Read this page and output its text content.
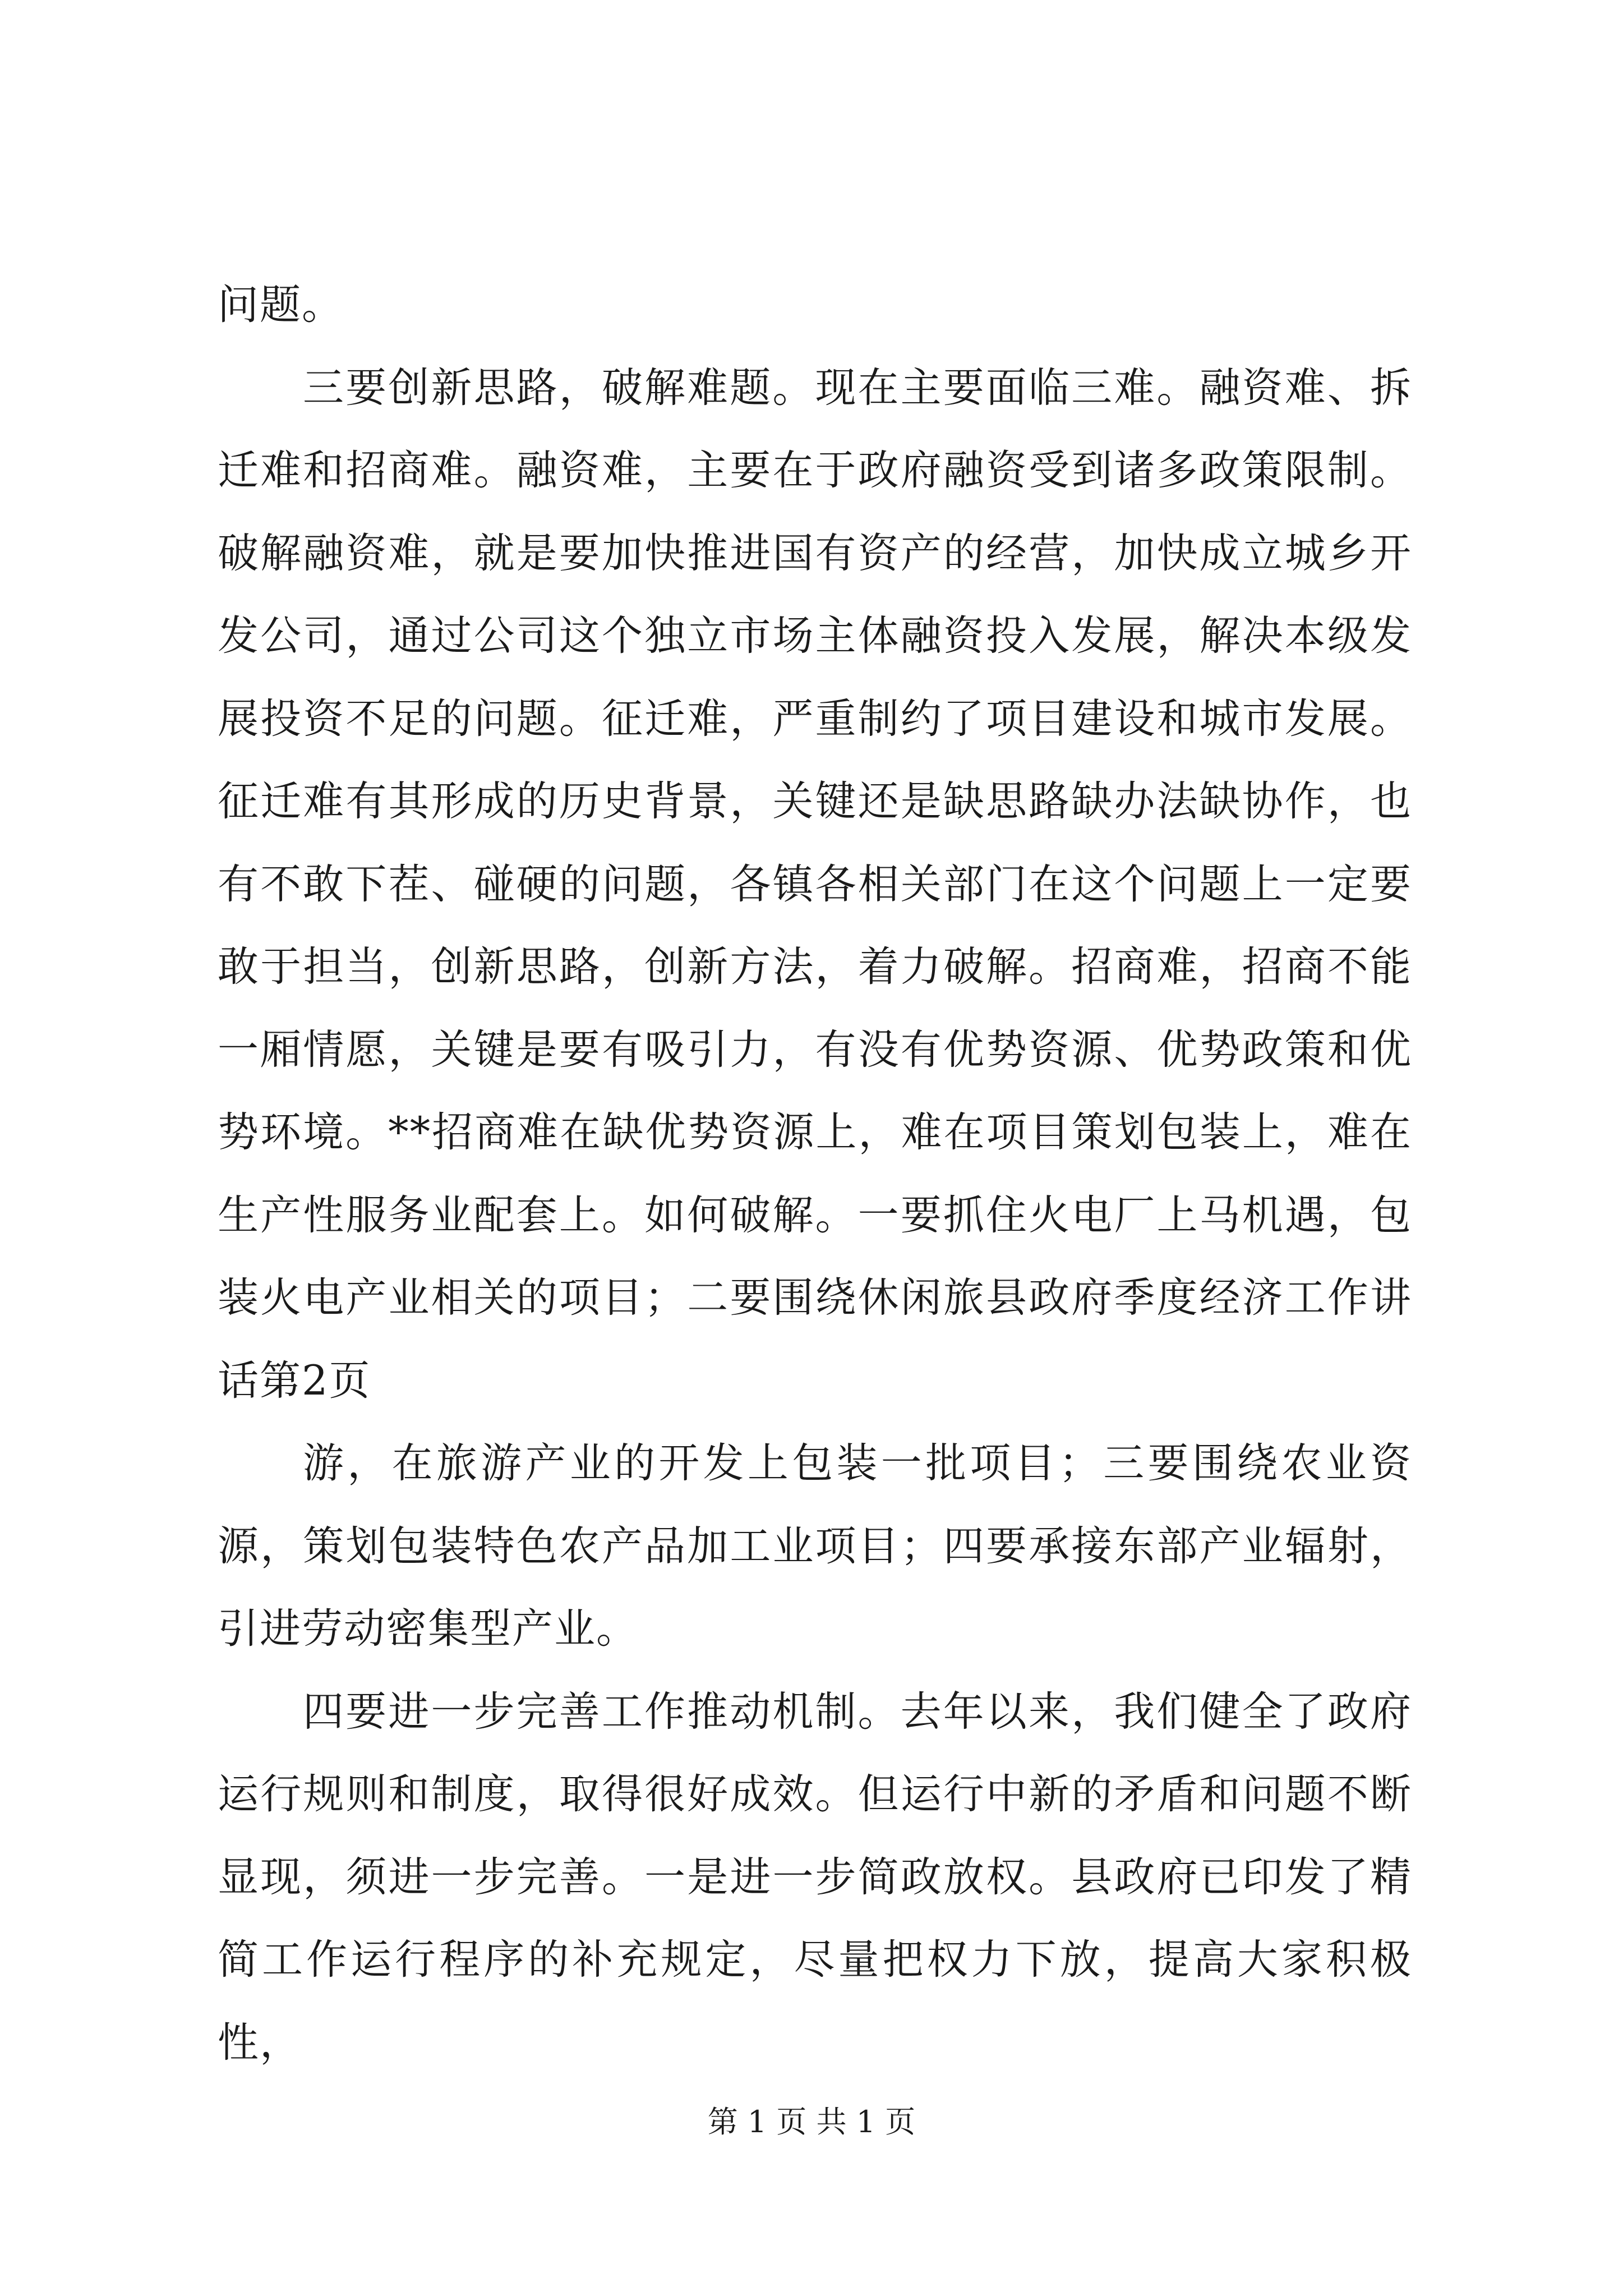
问题。

三要创新思路，破解难题。现在主要面临三难。融资难、拆迁难和招商难。融资难，主要在于政府融资受到诸多政策限制。破解融资难，就是要加快推进国有资产的经营，加快成立城乡开发公司，通过公司这个独立市场主体融资投入发展，解决本级发展投资不足的问题。征迁难，严重制约了项目建设和城市发展。征迁难有其形成的历史背景，关键还是缺思路缺办法缺协作，也有不敢下茬、碰硬的问题，各镇各相关部门在这个问题上一定要敢于担当，创新思路，创新方法，着力破解。招商难，招商不能一厢情愿，关键是要有吸引力，有没有优势资源、优势政策和优势环境。**招商难在缺优势资源上，难在项目策划包装上，难在生产性服务业配套上。如何破解。一要抓住火电厂上马机遇，包装火电产业相关的项目；二要围绕休闲旅县政府季度经济工作讲话第2页

游，在旅游产业的开发上包装一批项目；三要围绕农业资源，策划包装特色农产品加工业项目；四要承接东部产业辐射，引进劳动密集型产业。

四要进一步完善工作推动机制。去年以来，我们健全了政府运行规则和制度，取得很好成效。但运行中新的矛盾和问题不断显现，须进一步完善。一是进一步简政放权。县政府已印发了精简工作运行程序的补充规定，尽量把权力下放，提高大家积极性，

第 1 页 共 1 页
